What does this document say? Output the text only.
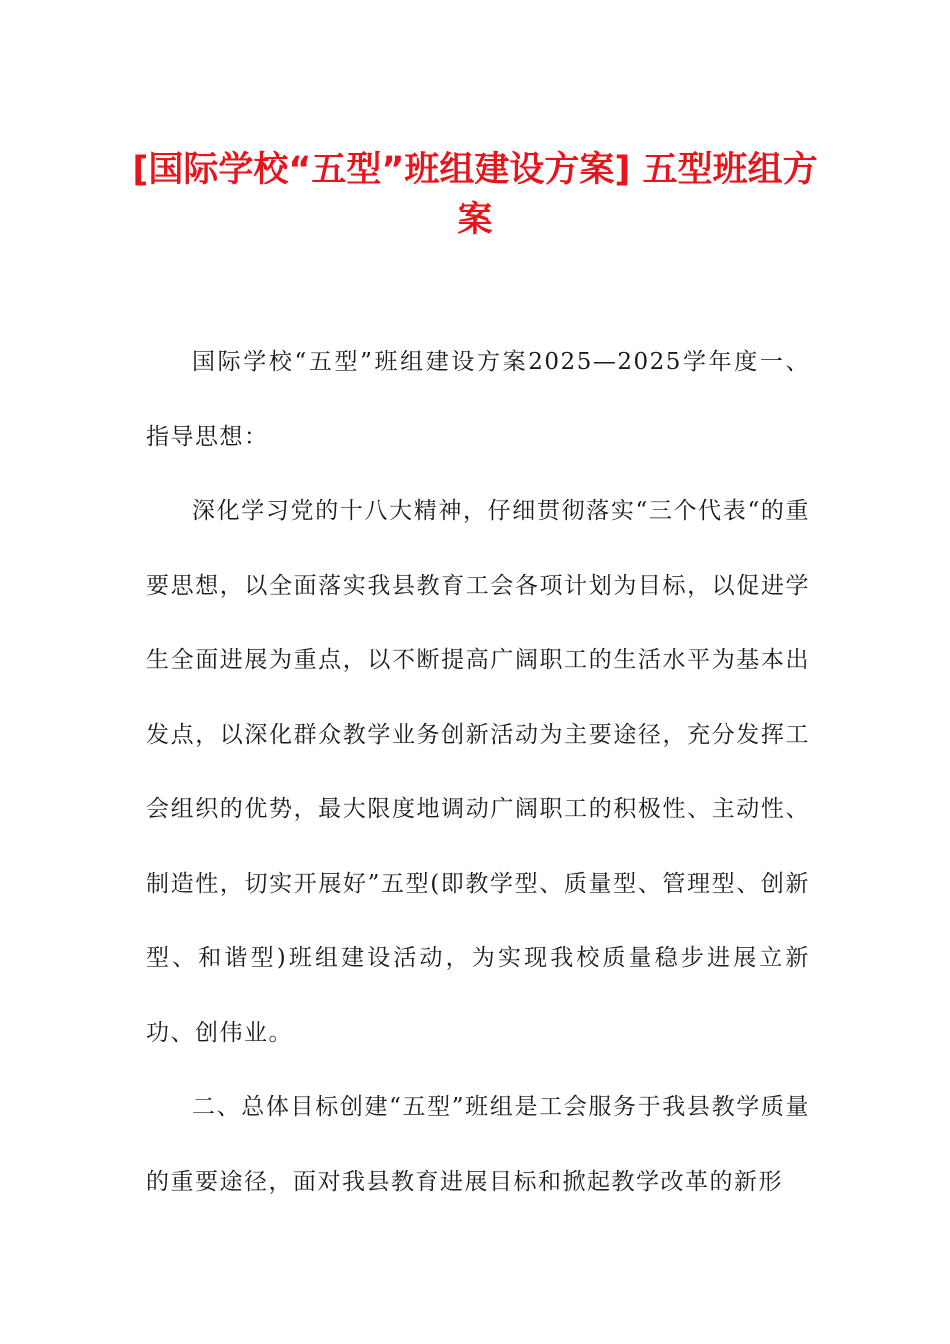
[国际学校“五型”班组建设方案] 五型班组方案

国际学校“五型”班组建设方案2025—2025学年度一、指导思想：

深化学习党的十八大精神，仔细贯彻落实“三个代表“的重要思想，以全面落实我县教育工会各项计划为目标，以促进学生全面进展为重点，以不断提高广阔职工的生活水平为基本出发点，以深化群众教学业务创新活动为主要途径，充分发挥工会组织的优势，最大限度地调动广阔职工的积极性、主动性、制造性，切实开展好”五型(即教学型、质量型、管理型、创新型、和谐型)班组建设活动，为实现我校质量稳步进展立新功、创伟业。

二、总体目标创建“五型”班组是工会服务于我县教学质量的重要途径，面对我县教育进展目标和掀起教学改革的新形
